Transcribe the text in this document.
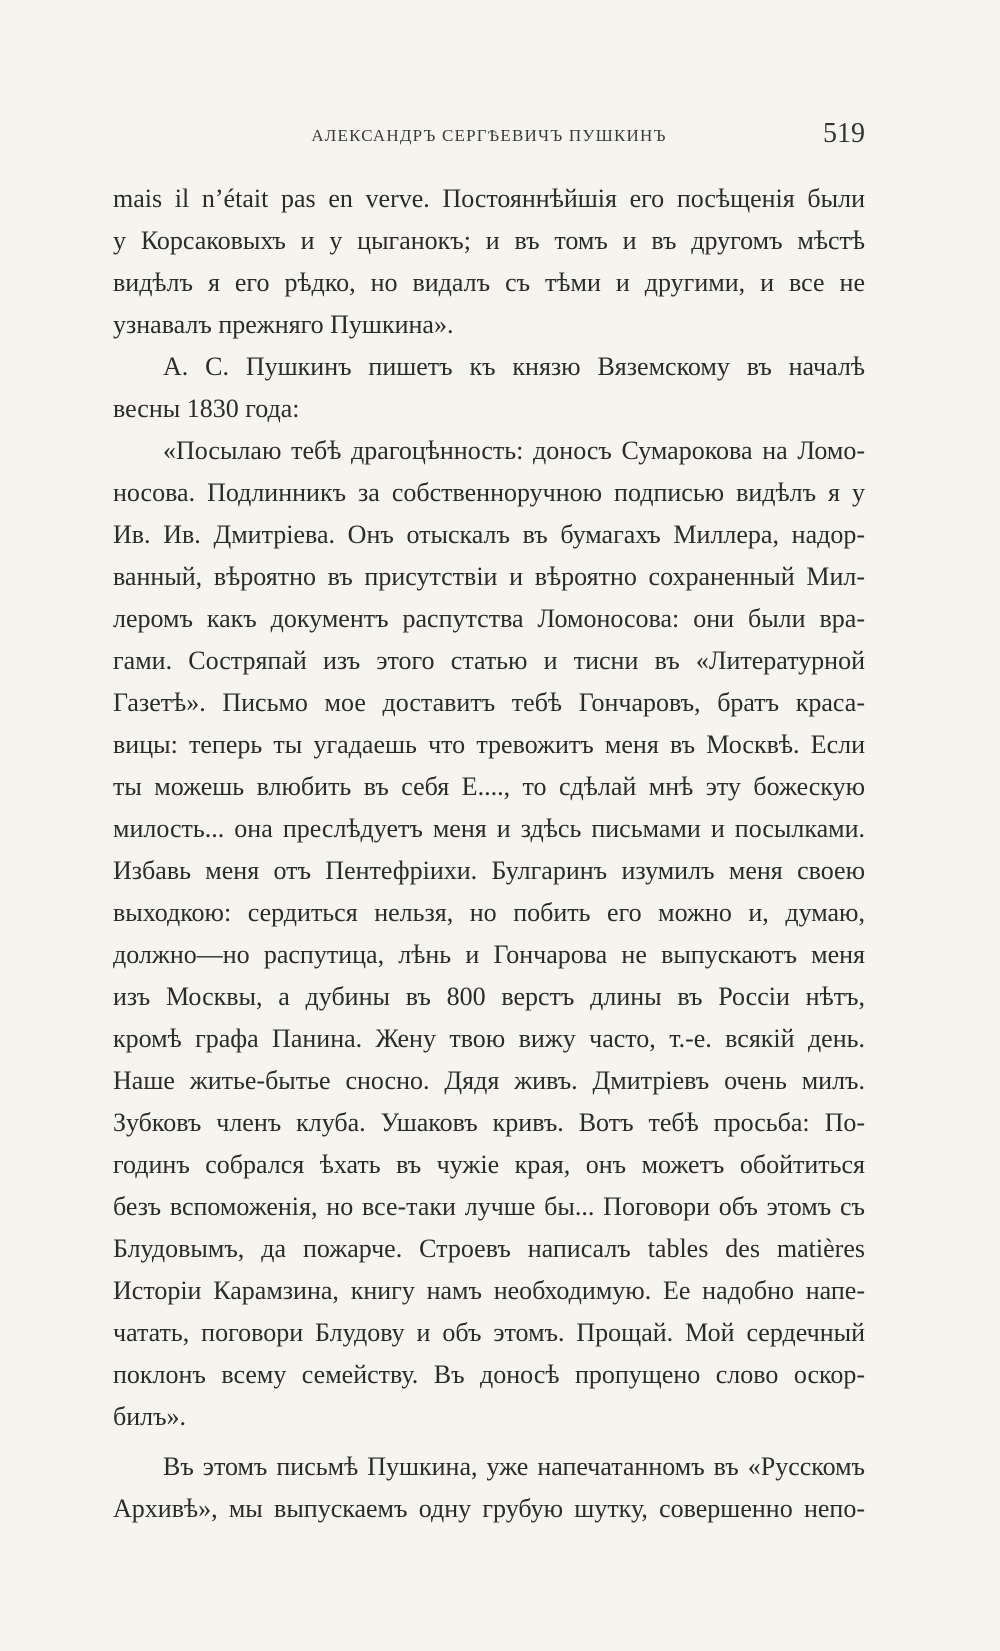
АЛЕКСАНДРЪ СЕРГѢЕВИЧЪ ПУШКИНЪ	519
mais il n’était pas en verve. Постояннѣйшія его посѣщенія были
у Корсаковыхъ и у цыганокъ; и въ томъ и въ другомъ мѣстѣ
видѣлъ я его рѣдко, но видалъ съ тѣми и другими, и все не
узнавалъ прежняго Пушкина».
А. С. Пушкинъ пишетъ къ князю Вяземскому въ началѣ
весны 1830 года:
«Посылаю тебѣ драгоцѣнность: доносъ Сумарокова на Ломо-
носова. Подлинникъ за собственноручною подписью видѣлъ я у
Ив. Ив. Дмитріева. Онъ отыскалъ въ бумагахъ Миллера, надор-
ванный, вѣроятно въ присутствіи и вѣроятно сохраненный Мил-
леромъ какъ документъ распутства Ломоносова: они были вра-
гами. Состряпай изъ этого статью и тисни въ «Литературной
Газетѣ». Письмо мое доставитъ тебѣ Гончаровъ, братъ краса-
вицы: теперь ты угадаешь что тревожитъ меня въ Москвѣ. Если
ты можешь влюбить въ себя Е...., то сдѣлай мнѣ эту божескую
милость... она преслѣдуетъ меня и здѣсь письмами и посылками.
Избавь меня отъ Пентефріихи. Булгаринъ изумилъ меня своею
выходкою: сердиться нельзя, но побить его можно и, думаю,
должно—но распутица, лѣнь и Гончарова не выпускаютъ меня
изъ Москвы, а дубины въ 800 верстъ длины въ Россіи нѣтъ,
кромѣ графа Панина. Жену твою вижу часто, т.-е. всякій день.
Наше житье-бытье сносно. Дядя живъ. Дмитріевъ очень милъ.
Зубковъ членъ клуба. Ушаковъ кривъ. Вотъ тебѣ просьба: По-
годинъ собрался ѣхать въ чужіе края, онъ можетъ обойтиться
безъ вспоможенія, но все-таки лучше бы... Поговори объ этомъ съ
Блудовымъ, да пожарче. Строевъ написалъ tables des matières
Исторіи Карамзина, книгу намъ необходимую. Ее надобно напе-
чатать, поговори Блудову и объ этомъ. Прощай. Мой сердечный
поклонъ всему семейству. Въ доносѣ пропущено слово оскор-
билъ».
Въ этомъ письмѣ Пушкина, уже напечатанномъ въ «Русскомъ
Архивѣ», мы выпускаемъ одну грубую шутку, совершенно непо-
